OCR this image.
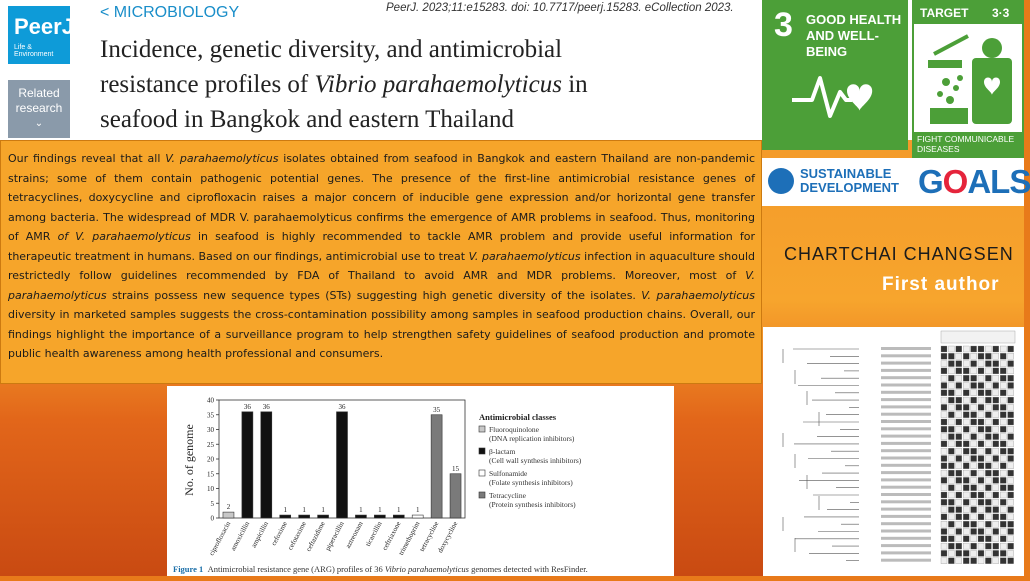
PeerJ
Life & Environment
Related
research
⌄
< MICROBIOLOGY	PeerJ. 2023;11:e15283. doi: 10.7717/peerj.15283. eCollection 2023.
Incidence, genetic diversity, and antimicrobial
resistance profiles of Vibrio parahaemolyticus in
seafood in Bangkok and eastern Thailand

Our findings reveal that all V. parahaemolyticus isolates obtained from seafood in Bangkok and eastern Thailand are non-pandemic strains; some of them contain pathogenic potential genes. The presence of the first-line antimicrobial resistance genes of tetracyclines, doxycycline and ciprofloxacin raises a major concern of inducible gene expression and/or horizontal gene transfer among bacteria. The widespread of MDR V. parahaemolyticus confirms the emergence of AMR problems in seafood. Thus, monitoring of AMR of V. parahaemolyticus in seafood is highly recommended to tackle AMR problem and provide useful information for therapeutic treatment in humans. Based on our findings, antimicrobial use to treat V. parahaemolyticus infection in aquaculture should restrictedly follow guidelines recommended by FDA of Thailand to avoid AMR and MDR problems. Moreover, most of V. parahaemolyticus strains possess new sequence types (STs) suggesting high genetic diversity of the isolates. V. parahaemolyticus diversity in marketed samples suggests the cross-contamination possibility among samples in seafood production chains. Overall, our findings highlight the importance of a surveillance program to help strengthen safety guidelines of seafood production and promote public health awareness among health professional and consumers.

3 GOOD HEALTH
AND WELL-BEING
TARGET 3·3
FIGHT COMMUNICABLE DISEASES
SUSTAINABLE
DEVELOPMENT GOALS
CHARTCHAI CHANGSEN
First author
No. of genome
0
5
10
15
20
25
30
35
40
2
ciprofloxacin
36
amoxicillin
36
ampicillin
1
cefoxime
1
cefotaxime
1
ceftazidime
36
piperacillin
1
aztreonam
1
ticarcillin
1
ceftriaxone
1
trimethoprim
35
tetracycline
15
doxycycline
Antimicrobial classes
Fluoroquinolone
(DNA replication inhibitors)
β-lactam
(Cell wall synthesis inhibitors)
Sulfonamide
(Folate synthesis inhibitors)
Tetracycline
(Protein synthesis inhibitors)
Figure 1 Antimicrobial resistance gene (ARG) profiles of 36 Vibrio parahaemolyticus genomes detected with ResFinder.
